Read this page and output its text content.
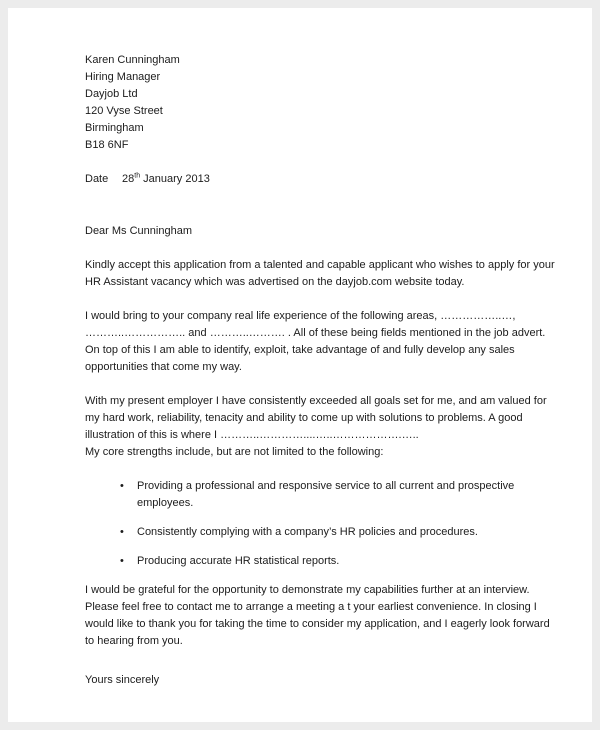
Karen Cunningham
Hiring Manager
Dayjob Ltd
120 Vyse Street
Birmingham
B18 6NF
Date 28th January 2013

Dear Ms Cunningham

Kindly accept this application from a talented and capable applicant who wishes to apply for your HR Assistant vacancy which was advertised on the dayjob.com website today.

I would bring to your company real life experience of the following areas, ……………..…, ………..…………….. and ………..………. . All of these being fields mentioned in the job advert. On top of this I am able to identify, exploit, take advantage of and fully develop any sales opportunities that come my way.

With my present employer I have consistently exceeded all goals set for me, and am valued for my hard work, reliability, tenacity and ability to come up with solutions to problems. A good illustration of this is where I ………..…………....…..……………….…..

My core strengths include, but are not limited to the following:

•	Providing a professional and responsive service to all current and prospective employees.
•	Consistently complying with a company’s HR policies and procedures.
•	Producing accurate HR statistical reports.

I would be grateful for the opportunity to demonstrate my capabilities further at an interview. Please feel free to contact me to arrange a meeting a t your earliest convenience. In closing I would like to thank you for taking the time to consider my application, and I eagerly look forward to hearing from you.

Yours sincerely
